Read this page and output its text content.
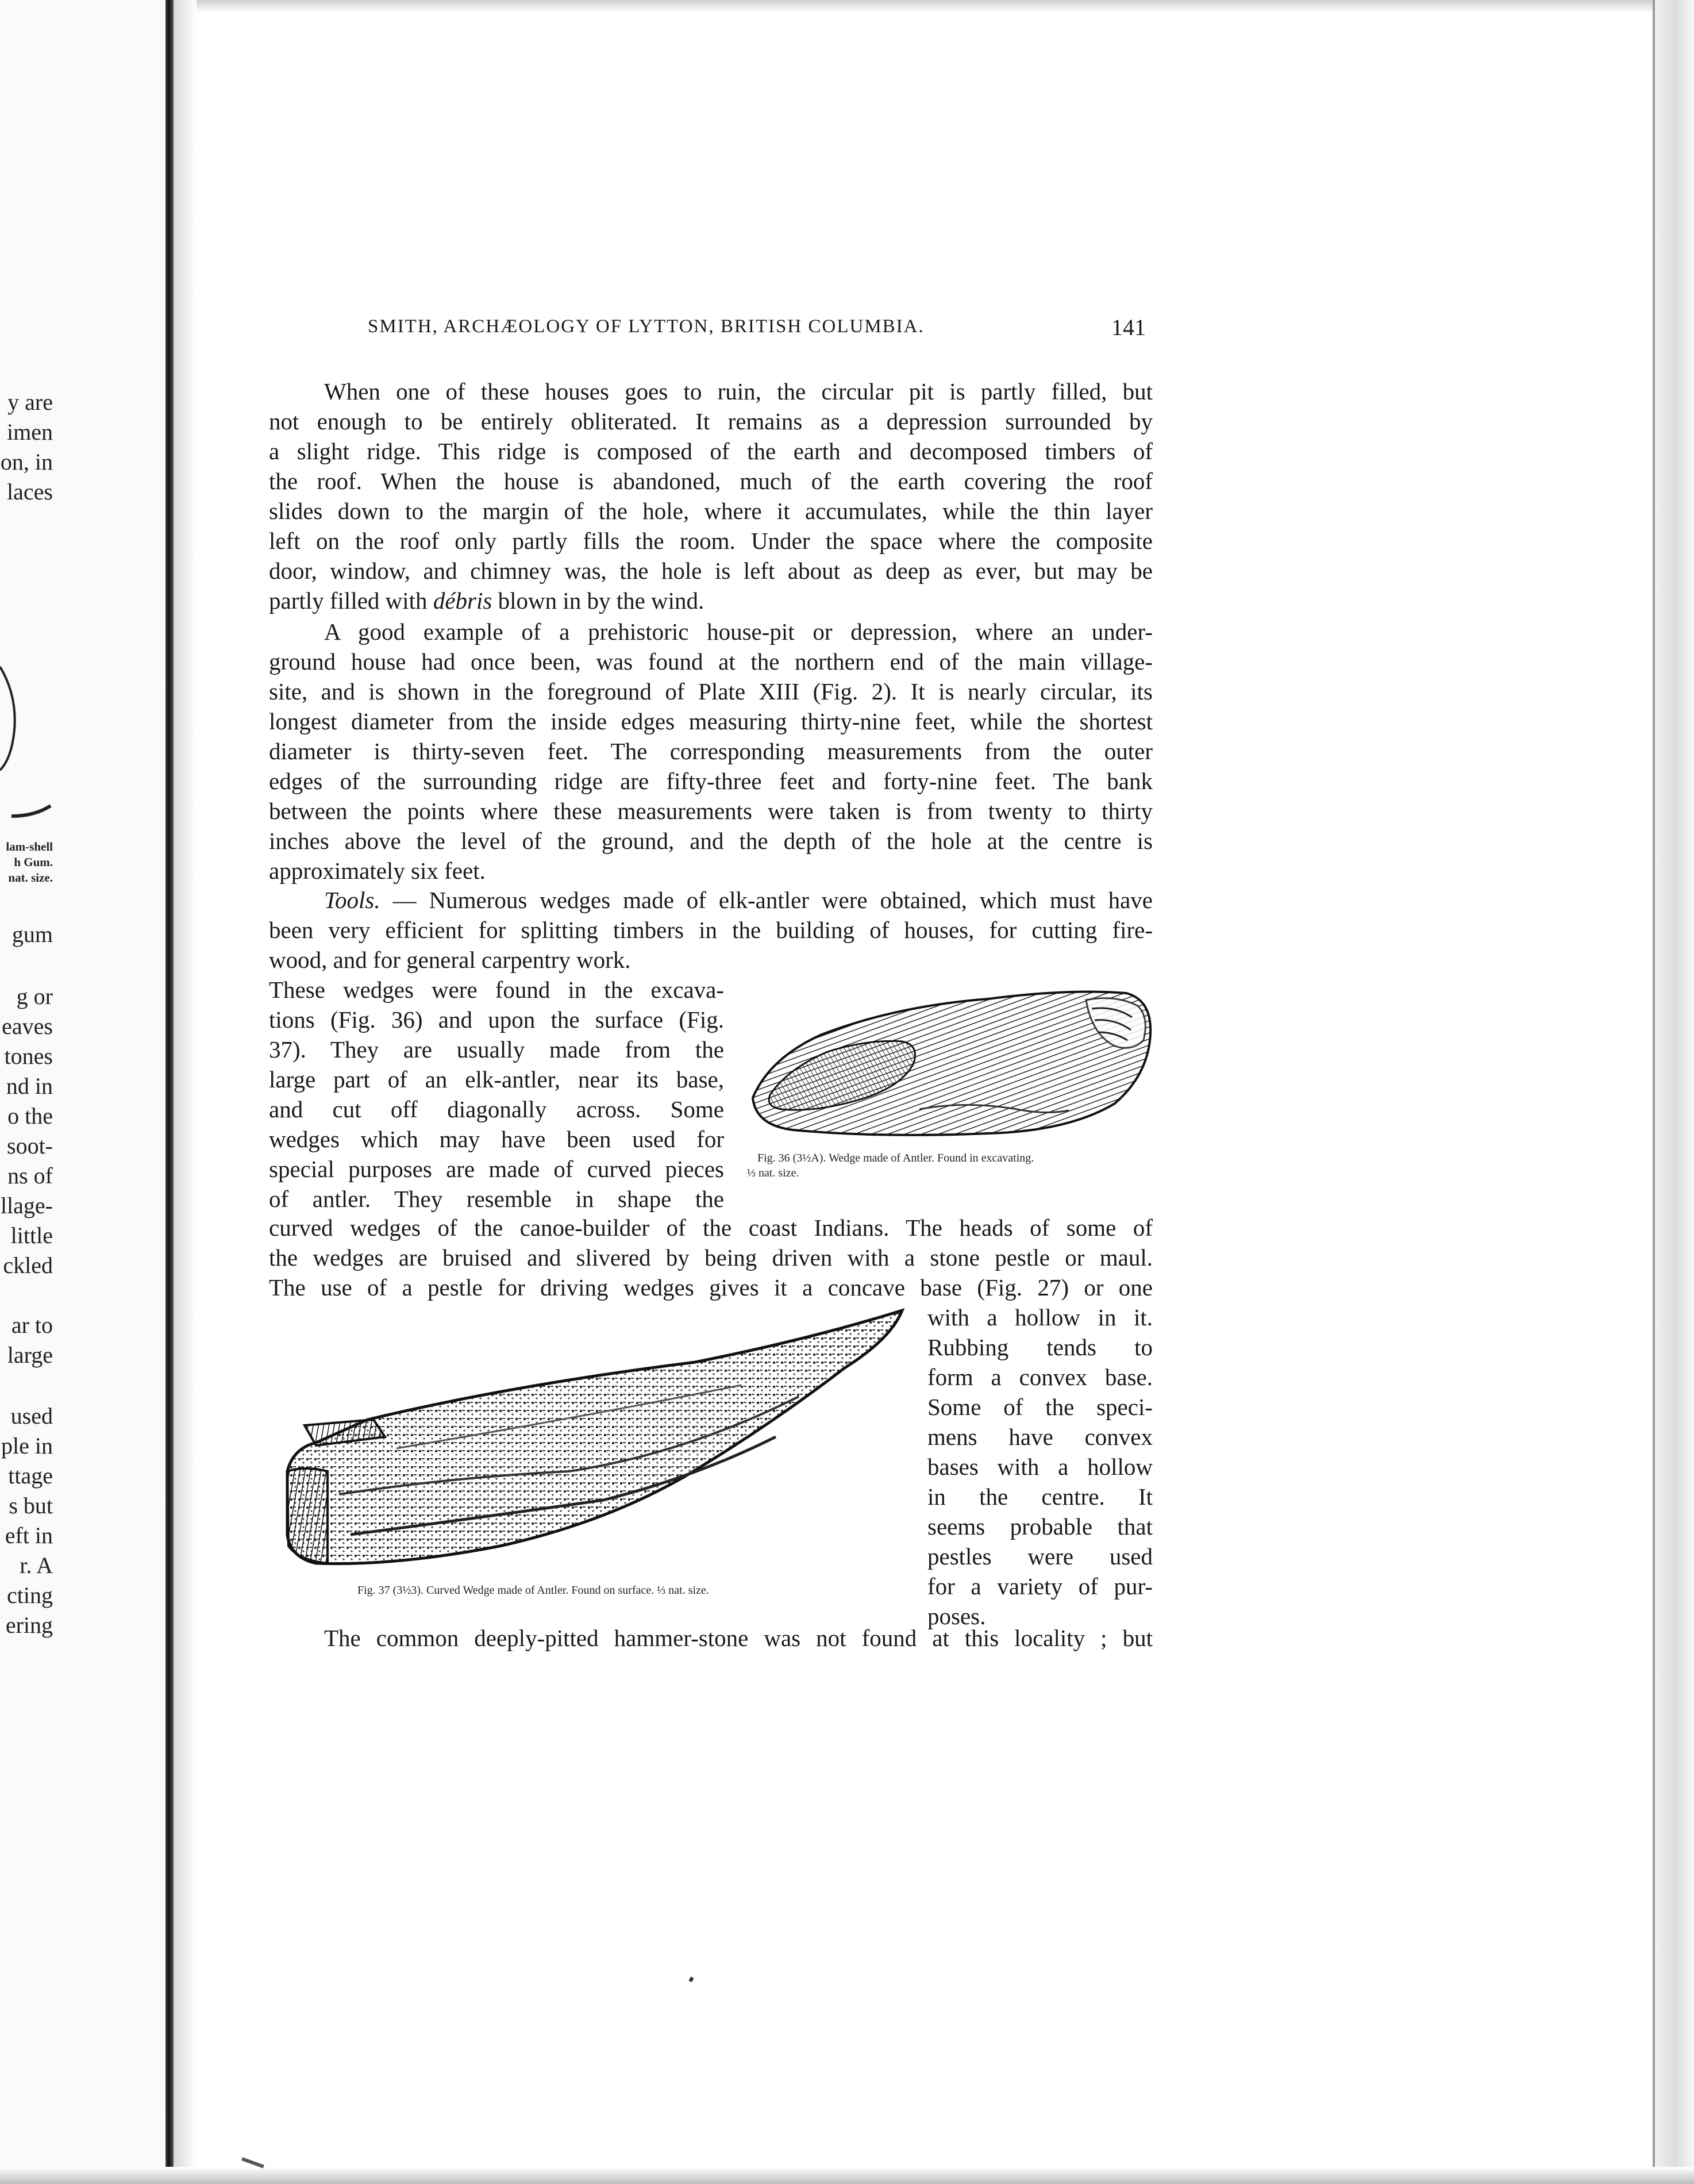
y are
imen
on, in
laces
gum
g or
eaves
tones
nd in
o the
soot-
ns of
llage-
little
ckled
ar to
large
used
ple in
ttage
s but
eft in
r. A
cting
ering
lam-shell
h Gum.
nat. size.
SMITH, ARCHÆOLOGY OF LYTTON, BRITISH COLUMBIA.	141
When one of these houses goes to ruin, the circular pit is partly filled, but
not enough to be entirely obliterated. It remains as a depression surrounded by
a slight ridge. This ridge is composed of the earth and decomposed timbers of
the roof. When the house is abandoned, much of the earth covering the roof
slides down to the margin of the hole, where it accumulates, while the thin layer
left on the roof only partly fills the room. Under the space where the composite
door, window, and chimney was, the hole is left about as deep as ever, but may be
partly filled with débris blown in by the wind.
A good example of a prehistoric house-pit or depression, where an under-
ground house had once been, was found at the northern end of the main village-
site, and is shown in the foreground of Plate XIII (Fig. 2). It is nearly circular, its
longest diameter from the inside edges measuring thirty-nine feet, while the shortest
diameter is thirty-seven feet. The corresponding measurements from the outer
edges of the surrounding ridge are fifty-three feet and forty-nine feet. The bank
between the points where these measurements were taken is from twenty to thirty
inches above the level of the ground, and the depth of the hole at the centre is
approximately six feet.
Tools. — Numerous wedges made of elk-antler were obtained, which must have
been very efficient for splitting timbers in the building of houses, for cutting fire-
wood, and for general carpentry work.
These wedges were found in the excava-
tions (Fig. 36) and upon the surface (Fig.
37). They are usually made from the
large part of an elk-antler, near its base,
and cut off diagonally across. Some
wedges which may have been used for
special purposes are made of curved pieces
of antler. They resemble in shape the
curved wedges of the canoe-builder of the coast Indians. The heads of some of
the wedges are bruised and slivered by being driven with a stone pestle or maul.
The use of a pestle for driving wedges gives it a concave base (Fig. 27) or one
with a hollow in it.
Rubbing tends to
form a convex base.
Some of the speci-
mens have convex
bases with a hollow
in the centre. It
seems probable that
pestles were used
for a variety of pur-
poses.
The common deeply-pitted hammer-stone was not found at this locality ; but
Fig. 36 (3½A). Wedge made of Antler. Found in excavating.
⅓ nat. size.
Fig. 37 (3½3). Curved Wedge made of Antler. Found on surface. ⅓ nat. size.
